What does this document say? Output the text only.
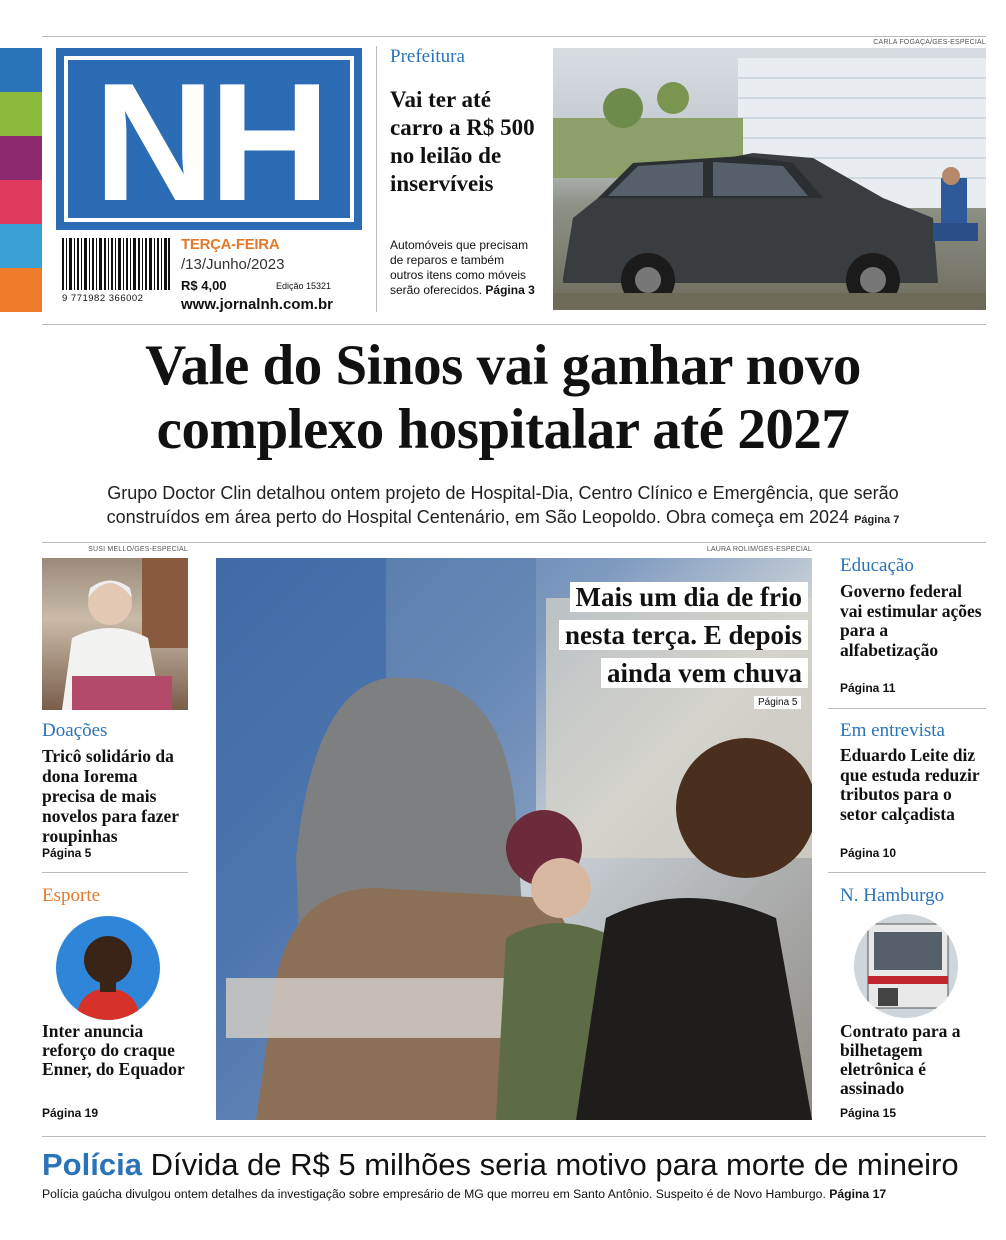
NH
9 771982 366002
TERÇA-FEIRA
/13/Junho/2023
R$ 4,00	Edição 15321
www.jornalnh.com.br
Prefeitura
Vai ter até carro a R$ 500 no leilão de inservíveis
Automóveis que precisam de reparos e também outros itens como móveis serão oferecidos. Página 3
CARLA FOGAÇA/GES-ESPECIAL
Vale do Sinos vai ganhar novo
complexo hospitalar até 2027
Grupo Doctor Clin detalhou ontem projeto de Hospital-Dia, Centro Clínico e Emergência, que serão
construídos em área perto do Hospital Centenário, em São Leopoldo. Obra começa em 2024 Página 7
SUSI MELLO/GES-ESPECIAL
Doações
Tricô solidário da dona Iorema precisa de mais novelos para fazer roupinhas
Página 5
Esporte
Inter anuncia reforço do craque Enner, do Equador
Página 19
LAURA ROLIM/GES-ESPECIAL
Mais um dia de frio
nesta terça. E depois
ainda vem chuva
Página 5
Educação
Governo federal vai estimular ações para a alfabetização
Página 11
Em entrevista
Eduardo Leite diz que estuda reduzir tributos para o setor calçadista
Página 10
N. Hamburgo
Contrato para a bilhetagem eletrônica é assinado
Página 15
Polícia Dívida de R$ 5 milhões seria motivo para morte de mineiro
Polícia gaúcha divulgou ontem detalhes da investigação sobre empresário de MG que morreu em Santo Antônio. Suspeito é de Novo Hamburgo. Página 17
